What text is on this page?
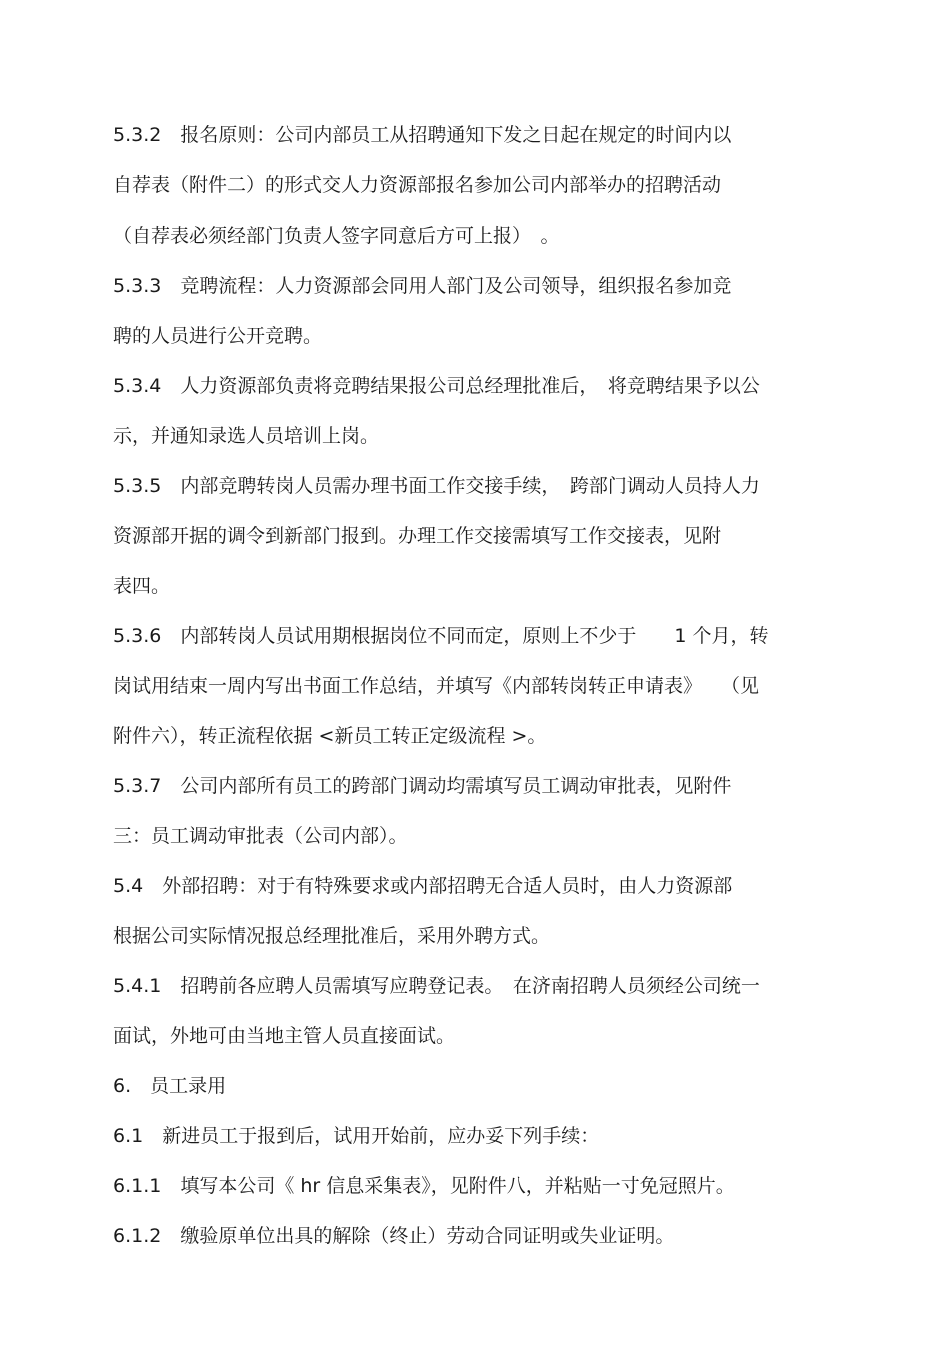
5.3.2　报名原则：公司内部员工从招聘通知下发之日起在规定的时间内以
自荐表（附件二）的形式交人力资源部报名参加公司内部举办的招聘活动
（自荐表必须经部门负责人签字同意后方可上报）　。
5.3.3　竞聘流程：人力资源部会同用人部门及公司领导，组织报名参加竞
聘的人员进行公开竞聘。
5.3.4　人力资源部负责将竞聘结果报公司总经理批准后，　将竞聘结果予以公
示，并通知录选人员培训上岗。
5.3.5　内部竞聘转岗人员需办理书面工作交接手续，　跨部门调动人员持人力
资源部开据的调令到新部门报到。办理工作交接需填写工作交接表，见附
表四。
5.3.6　内部转岗人员试用期根据岗位不同而定，原则上不少于　　1 个月，转
岗试用结束一周内写出书面工作总结，并填写《内部转岗转正申请表》　　（见
附件六），转正流程依据 <新员工转正定级流程 >。
5.3.7　公司内部所有员工的跨部门调动均需填写员工调动审批表，见附件
三：员工调动审批表（公司内部）。
5.4　外部招聘：对于有特殊要求或内部招聘无合适人员时，由人力资源部
根据公司实际情况报总经理批准后，采用外聘方式。
5.4.1　招聘前各应聘人员需填写应聘登记表。　在济南招聘人员须经公司统一
面试，外地可由当地主管人员直接面试。
6.　员工录用
6.1　新进员工于报到后，试用开始前，应办妥下列手续：
6.1.1　填写本公司《 hr 信息采集表》，见附件八，并粘贴一寸免冠照片。
6.1.2　缴验原单位出具的解除（终止）劳动合同证明或失业证明。
